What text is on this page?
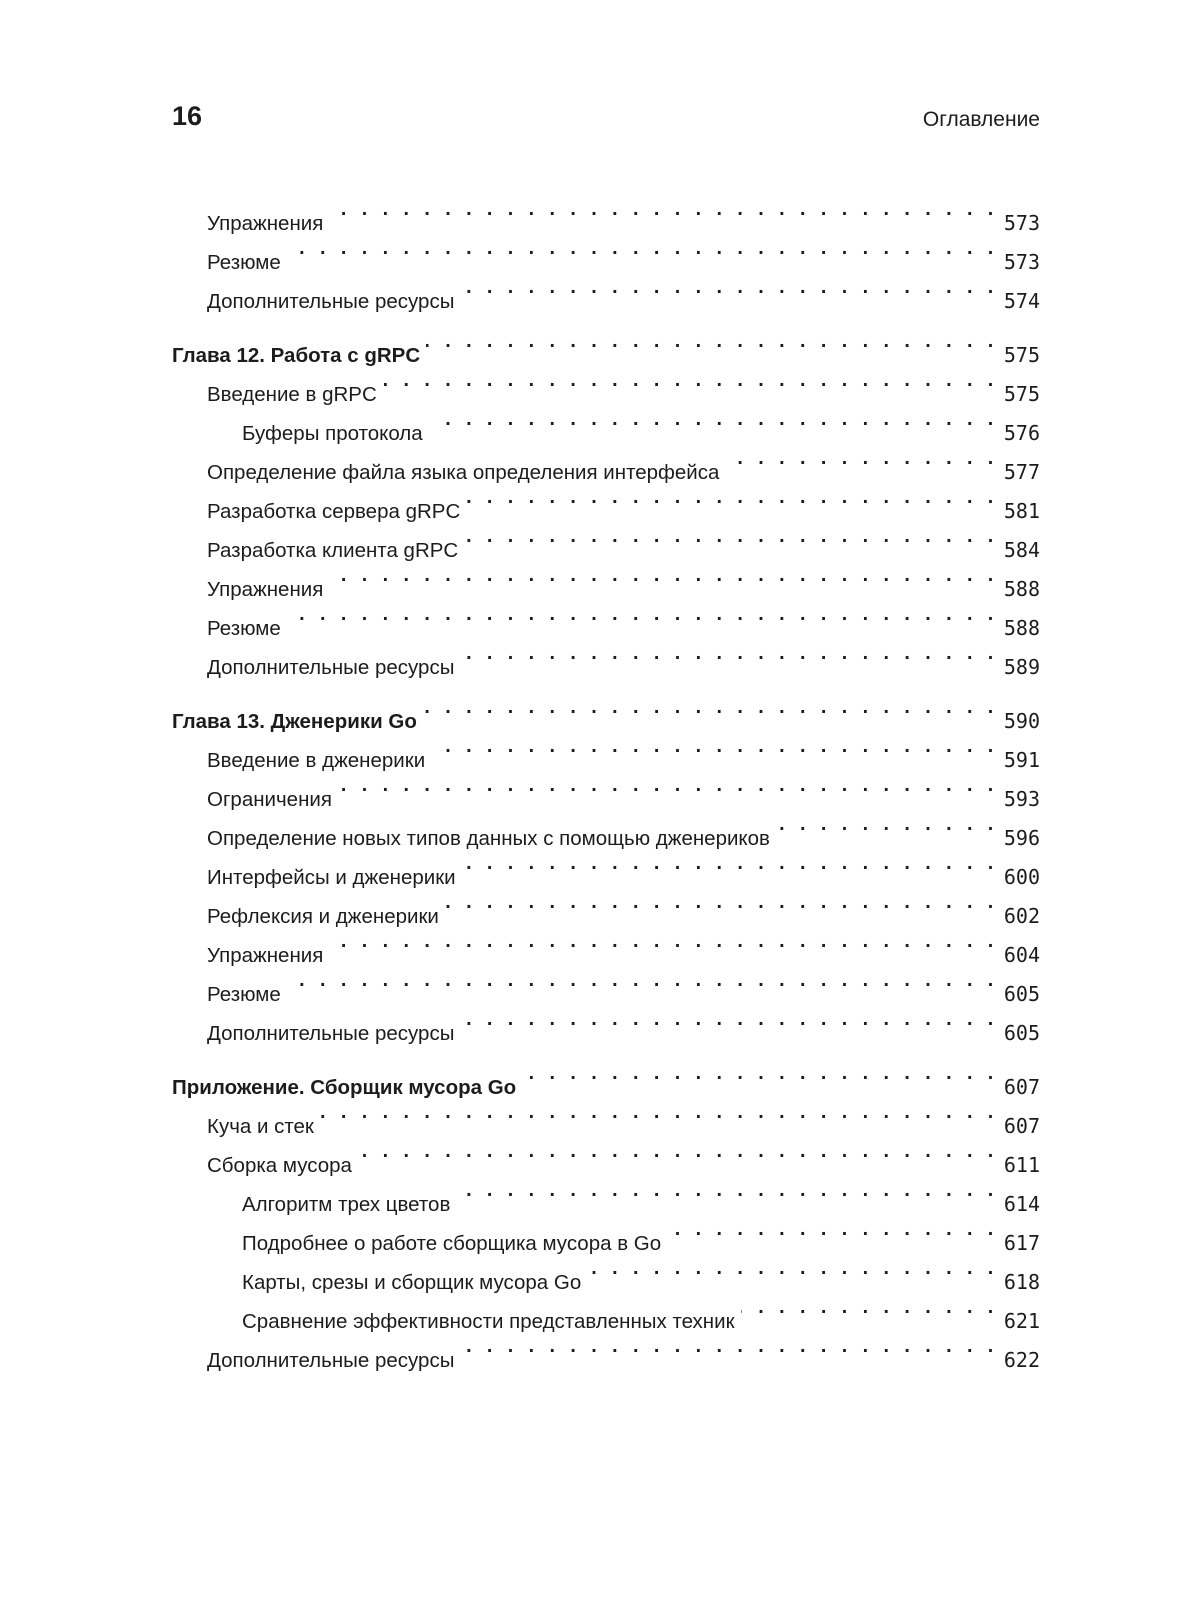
16	Оглавление
Упражнения . . .	573
Резюме . . .	573
Дополнительные ресурсы . . .	574
Глава 12. Работа с gRPC . . .	575
Введение в gRPC . . .	575
Буферы протокола . . .	576
Определение файла языка определения интерфейса . . .	577
Разработка сервера gRPC . . .	581
Разработка клиента gRPC . . .	584
Упражнения . . .	588
Резюме . . .	588
Дополнительные ресурсы . . .	589
Глава 13. Дженерики Go . . .	590
Введение в дженерики . . .	591
Ограничения . . .	593
Определение новых типов данных с помощью дженериков . . .	596
Интерфейсы и дженерики . . .	600
Рефлексия и дженерики . . .	602
Упражнения . . .	604
Резюме . . .	605
Дополнительные ресурсы . . .	605
Приложение. Сборщик мусора Go . . .	607
Куча и стек . . .	607
Сборка мусора . . .	611
Алгоритм трех цветов . . .	614
Подробнее о работе сборщика мусора в Go . . .	617
Карты, срезы и сборщик мусора Go . . .	618
Сравнение эффективности представленных техник . . .	621
Дополнительные ресурсы . . .	622
